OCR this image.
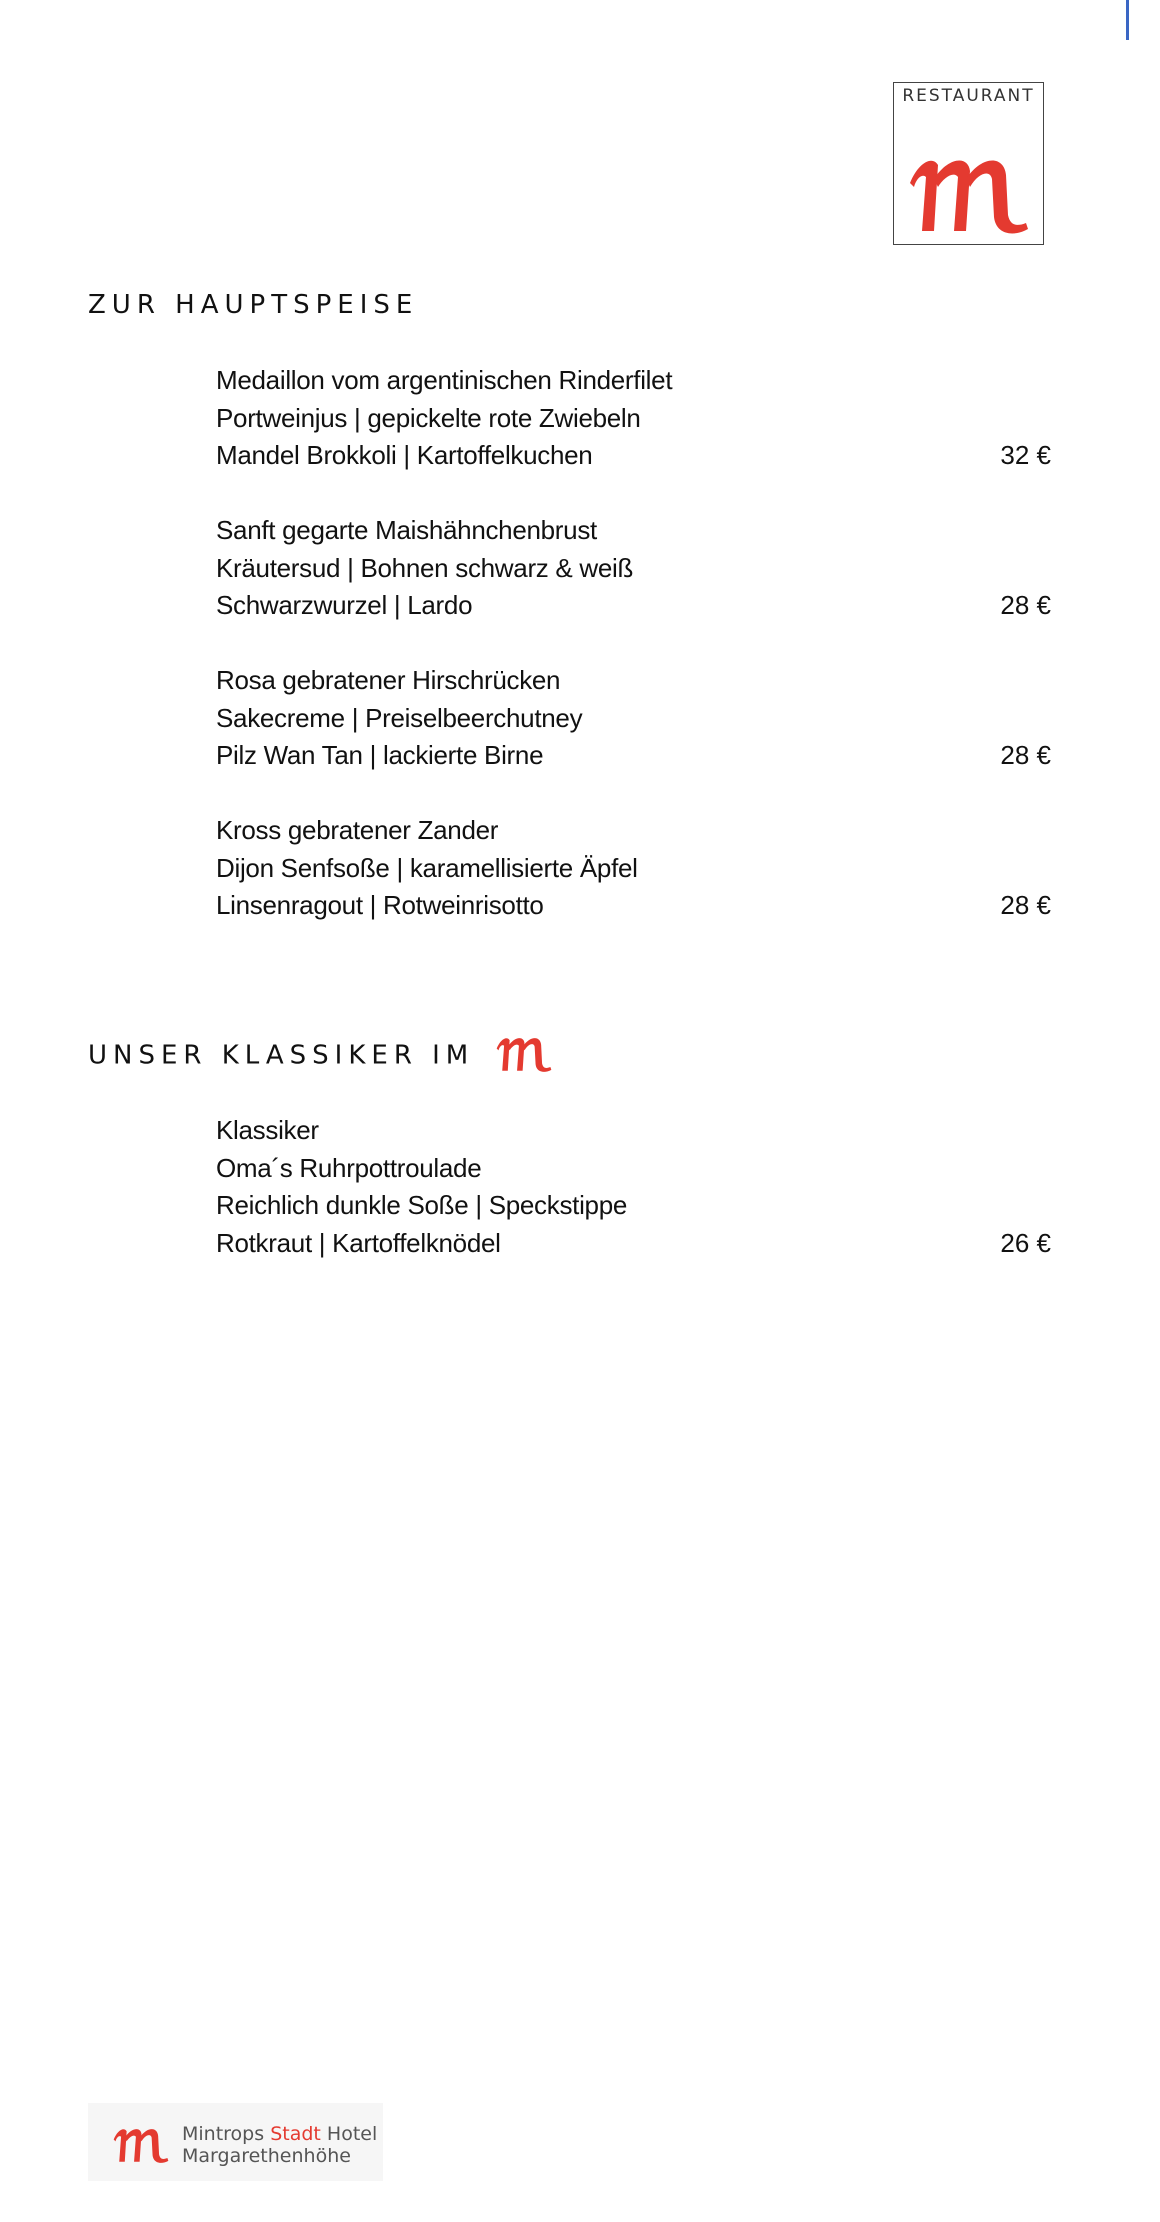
RESTAURANT
ZUR HAUPTSPEISE
Medaillon vom argentinischen Rinderfilet
Portweinjus | gepickelte rote Zwiebeln
Mandel Brokkoli | Kartoffelkuchen	32 €
Sanft gegarte Maishähnchenbrust
Kräutersud | Bohnen schwarz & weiß
Schwarzwurzel | Lardo	28 €
Rosa gebratener Hirschrücken
Sakecreme | Preiselbeerchutney
Pilz Wan Tan | lackierte Birne	28 €
Kross gebratener Zander
Dijon Senfsoße | karamellisierte Äpfel
Linsenragout | Rotweinrisotto	28 €
UNSER KLASSIKER IM
Klassiker
Oma´s Ruhrpottroulade
Reichlich dunkle Soße | Speckstippe
Rotkraut | Kartoffelknödel	26 €
Mintrops Stadt Hotel
Margarethenhöhe
